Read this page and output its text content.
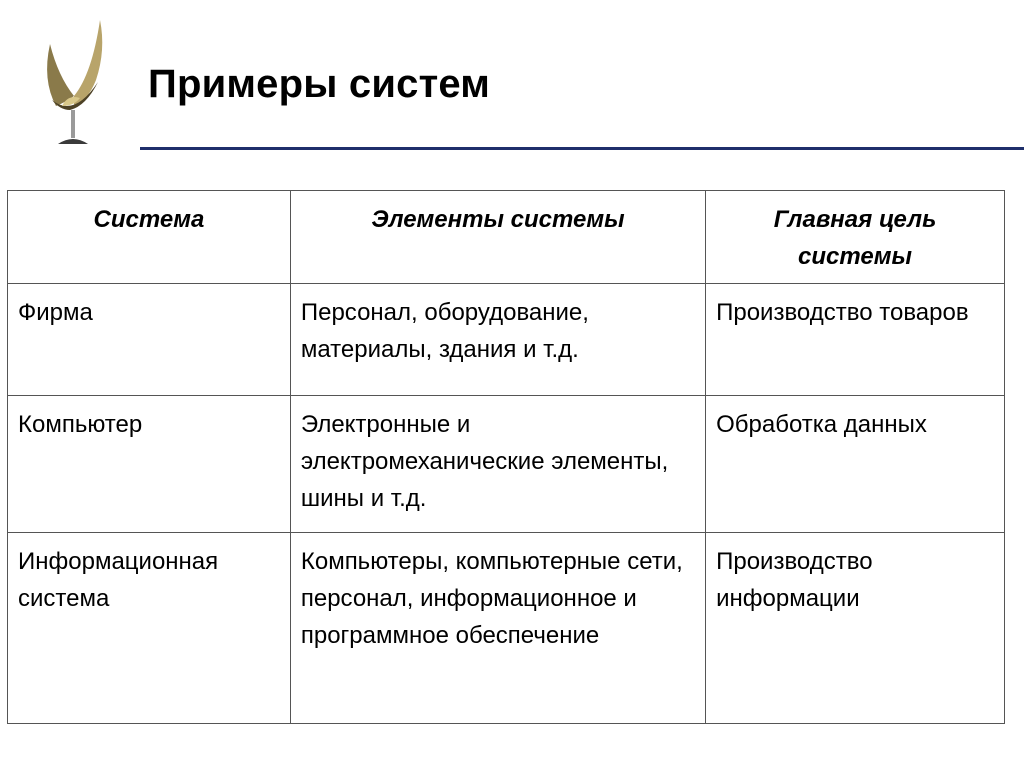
Примеры систем
Система	Элементы системы	Главная цель системы
Фирма	Персонал, оборудование, материалы, здания и т.д.	Производство товаров
Компьютер	Электронные и электромеханические элементы, шины и т.д.	Обработка данных
Информационная система	Компьютеры, компьютерные сети, персонал, информационное и программное обеспечение	Производство информации
